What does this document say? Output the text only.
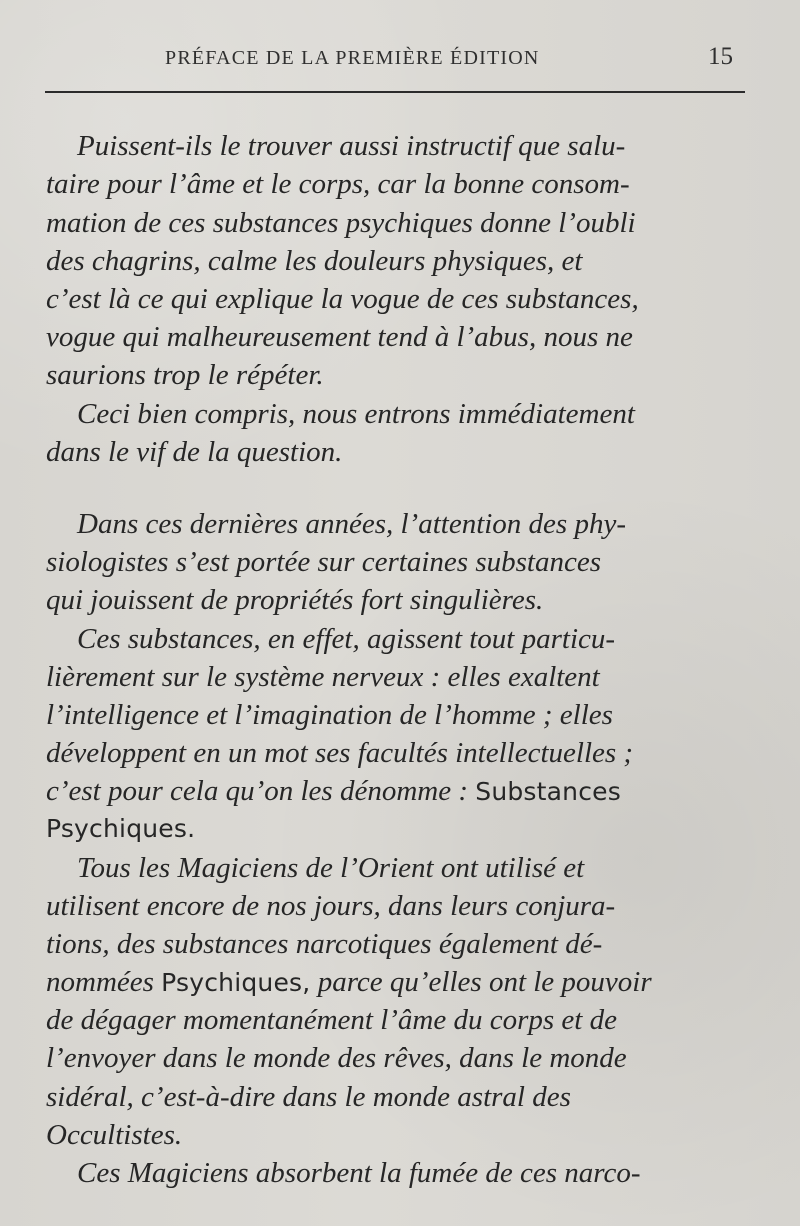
PRÉFACE DE LA PREMIÈRE ÉDITION	15
Puissent-ils le trouver aussi instructif que salu-
taire pour l’âme et le corps, car la bonne consom-
mation de ces substances psychiques donne l’oubli
des chagrins, calme les douleurs physiques, et
c’est là ce qui explique la vogue de ces substances,
vogue qui malheureusement tend à l’abus, nous ne
saurions trop le répéter.
Ceci bien compris, nous entrons immédiatement
dans le vif de la question.
Dans ces dernières années, l’attention des phy-
siologistes s’est portée sur certaines substances
qui jouissent de propriétés fort singulières.
Ces substances, en effet, agissent tout particu-
lièrement sur le système nerveux : elles exaltent
l’intelligence et l’imagination de l’homme ; elles
développent en un mot ses facultés intellectuelles ;
c’est pour cela qu’on les dénomme : Substances
Psychiques.
Tous les Magiciens de l’Orient ont utilisé et
utilisent encore de nos jours, dans leurs conjura-
tions, des substances narcotiques également dé-
nommées Psychiques, parce qu’elles ont le pouvoir
de dégager momentanément l’âme du corps et de
l’envoyer dans le monde des rêves, dans le monde
sidéral, c’est-à-dire dans le monde astral des
Occultistes.
Ces Magiciens absorbent la fumée de ces narco-
